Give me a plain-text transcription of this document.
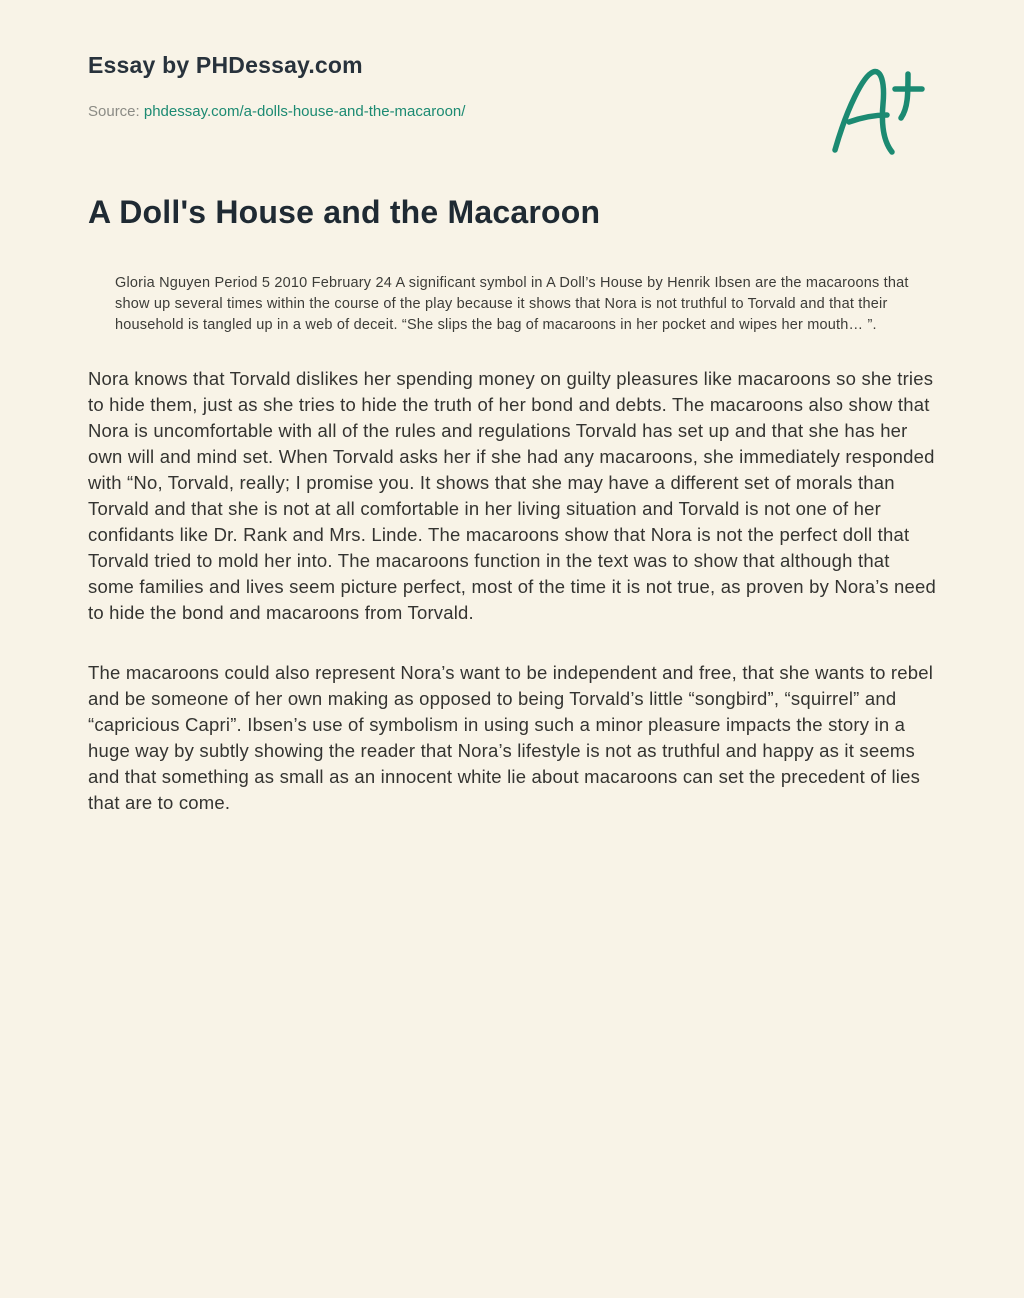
Essay by PHDessay.com
Source: phdessay.com/a-dolls-house-and-the-macaroon/
A Doll's House and the Macaroon

Gloria Nguyen Period 5 2010 February 24 A significant symbol in A Doll’s House by Henrik Ibsen are the macaroons that show up several times within the course of the play because it shows that Nora is not truthful to Torvald and that their household is tangled up in a web of deceit. “She slips the bag of macaroons in her pocket and wipes her mouth… ”.

Nora knows that Torvald dislikes her spending money on guilty pleasures like macaroons so she tries to hide them, just as she tries to hide the truth of her bond and debts. The macaroons also show that Nora is uncomfortable with all of the rules and regulations Torvald has set up and that she has her own will and mind set. When Torvald asks her if she had any macaroons, she immediately responded with “No, Torvald, really; I promise you. It shows that she may have a different set of morals than Torvald and that she is not at all comfortable in her living situation and Torvald is not one of her confidants like Dr. Rank and Mrs. Linde. The macaroons show that Nora is not the perfect doll that Torvald tried to mold her into. The macaroons function in the text was to show that although that some families and lives seem picture perfect, most of the time it is not true, as proven by Nora’s need to hide the bond and macaroons from Torvald.

The macaroons could also represent Nora’s want to be independent and free, that she wants to rebel and be someone of her own making as opposed to being Torvald’s little “songbird”, “squirrel” and “capricious Capri”. Ibsen’s use of symbolism in using such a minor pleasure impacts the story in a huge way by subtly showing the reader that Nora’s lifestyle is not as truthful and happy as it seems and that something as small as an innocent white lie about macaroons can set the precedent of lies that are to come.
